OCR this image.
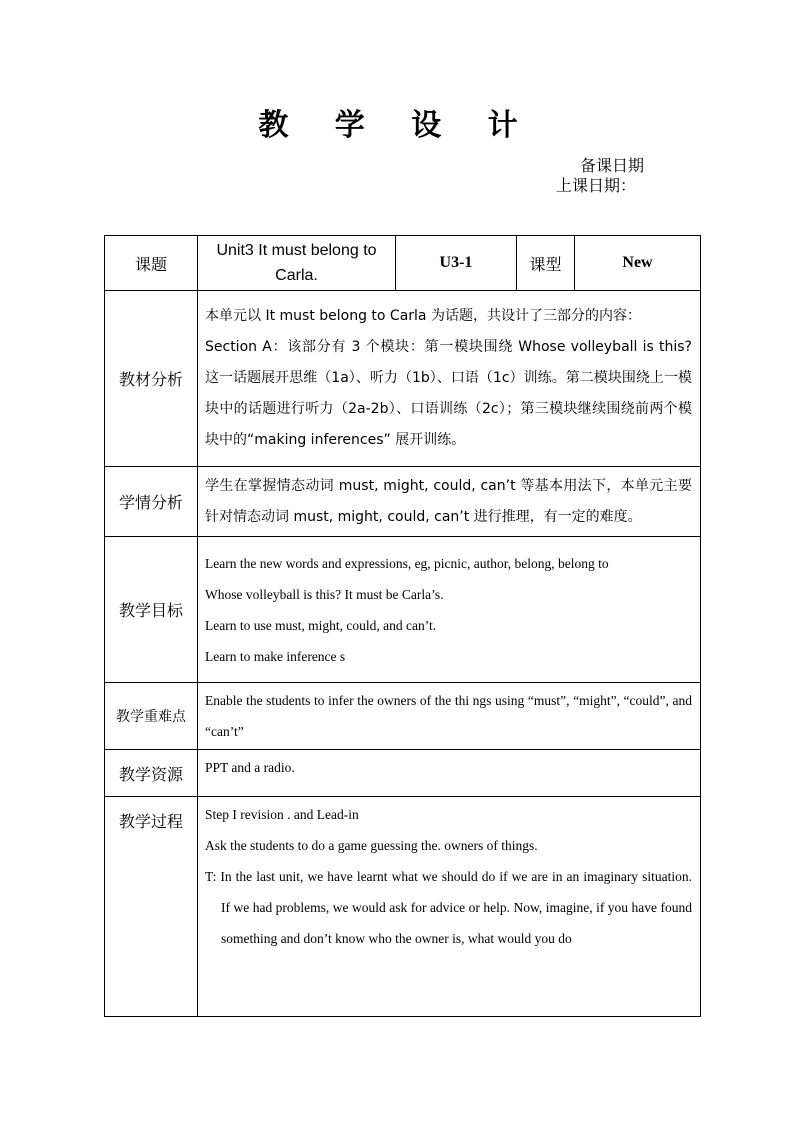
教 学 设 计
备课日期
上课日期：
课题	Unit3 It must belong to Carla.	U3-1	课型	New
教材分析	本单元以 It must belong to Carla 为话题，共设计了三部分的内容：

Section A：该部分有 3 个模块：第一模块围绕 Whose volleyball is this? 这一话题展开思维（1a）、听力（1b）、口语（1c）训练。第二模块围绕上一模块中的话题进行听力（2a-2b）、口语训练（2c）；第三模块继续围绕前两个模块中的“making inferences” 展开训练。			

学情分析	学生在掌握情态动词 must, might, could, can’t 等基本用法下，本单元主要针对情态动词 must, might, could, can’t 进行推理，有一定的难度。			

教学目标	Learn the new words and expressions, eg, picnic, author, belong, belong to

Whose volleyball is this? It must be Carla’s.

Learn to use must, might, could, and can’t.

Learn to make inference s			

教学重难点	Enable the students to infer the owners of the thi ngs using “must”, “might”, “could”, and “can’t”			

教学资源	PPT and a radio.			

教学过程	Step I revision . and Lead-in

Ask the students to do a game guessing the. owners of things.

T: In the last unit, we have learnt what we should do if we are in an imaginary situation. If we had problems, we would ask for advice or help. Now, imagine, if you have found something and don’t know who the owner is, what would you do			
